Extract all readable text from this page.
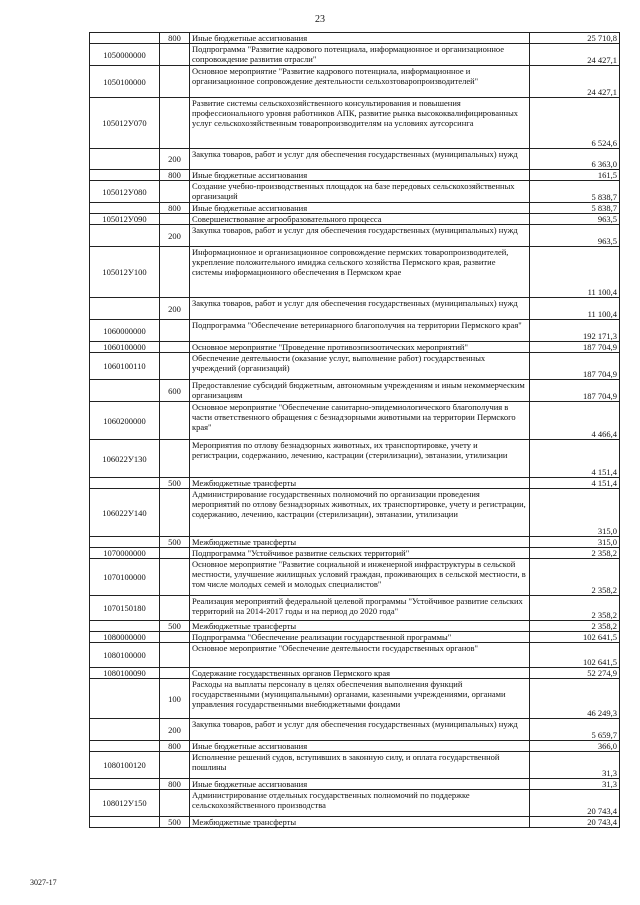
23
	800	Иные бюджетные ассигнования	25 710,8
1050000000		Подпрограмма "Развитие кадрового потенциала, информационное и организационное сопровождение развития отрасли"	24 427,1
1050100000		Основное мероприятие "Развитие кадрового потенциала, информационное и организационное сопровождение деятельности сельхозтоваропроизводителей"	24 427,1
105012У070		Развитие системы сельскохозяйственного консультирования и повышения профессионального уровня работников АПК, развитие рынка высококвалифицированных услуг сельскохозяйственным товаропроизводителям на условиях аутсорсинга	6 524,6
	200	Закупка товаров, работ и услуг для обеспечения государственных (муниципальных) нужд	6 363,0
	800	Иные бюджетные ассигнования	161,5
105012У080		Создание учебно-производственных площадок на базе передовых сельскохозяйственных организаций	5 838,7
	800	Иные бюджетные ассигнования	5 838,7
105012У090		Совершенствование агрообразовательного процесса	963,5
	200	Закупка товаров, работ и услуг для обеспечения государственных (муниципальных) нужд	963,5
105012У100		Информационное и организационное сопровождение пермских товаропроизводителей, укрепление положительного имиджа сельского хозяйства Пермского края, развитие системы информационного обеспечения в Пермском крае	11 100,4
	200	Закупка товаров, работ и услуг для обеспечения государственных (муниципальных) нужд	11 100,4
1060000000		Подпрограмма "Обеспечение ветеринарного благополучия на территории Пермского края"	192 171,3
1060100000		Основное мероприятие "Проведение противоэпизоотических мероприятий"	187 704,9
1060100110		Обеспечение деятельности (оказание услуг, выполнение работ) государственных учреждений (организаций)	187 704,9
	600	Предоставление субсидий бюджетным, автономным учреждениям и иным некоммерческим организациям	187 704,9
1060200000		Основное мероприятие "Обеспечение санитарно-эпидемиологического благополучия в части ответственного обращения с безнадзорными животными на территории Пермского края"	4 466,4
106022У130		Мероприятия по отлову безнадзорных животных, их транспортировке, учету и регистрации, содержанию, лечению, кастрации (стерилизации), эвтаназии, утилизации	4 151,4
	500	Межбюджетные трансферты	4 151,4
106022У140		Администрирование государственных полномочий по организации проведения мероприятий по отлову безнадзорных животных, их транспортировке, учету и регистрации, содержанию, лечению, кастрации (стерилизации), эвтаназии, утилизации	315,0
	500	Межбюджетные трансферты	315,0
1070000000		Подпрограмма "Устойчивое развитие сельских территорий"	2 358,2
1070100000		Основное мероприятие "Развитие социальной и инженерной инфраструктуры в сельской местности, улучшение жилищных условий граждан, проживающих в сельской местности, в том числе молодых семей и молодых специалистов"	2 358,2
1070150180		Реализация мероприятий федеральной целевой программы "Устойчивое развитие сельских территорий на 2014-2017 годы и на период до 2020 года"	2 358,2
	500	Межбюджетные трансферты	2 358,2
1080000000		Подпрограмма "Обеспечение реализации государственной программы"	102 641,5
1080100000		Основное мероприятие "Обеспечение деятельности государственных органов"	102 641,5
1080100090		Содержание государственных органов Пермского края	52 274,9
	100	Расходы на выплаты персоналу в целях обеспечения выполнения функций государственными (муниципальными) органами, казенными учреждениями, органами управления государственными внебюджетными фондами	46 249,3
	200	Закупка товаров, работ и услуг для обеспечения государственных (муниципальных) нужд	5 659,7
	800	Иные бюджетные ассигнования	366,0
1080100120		Исполнение решений судов, вступивших в законную силу, и оплата государственной пошлины	31,3
	800	Иные бюджетные ассигнования	31,3
108012У150		Администрирование отдельных государственных полномочий по поддержке сельскохозяйственного производства	20 743,4
	500	Межбюджетные трансферты	20 743,4
3027-17
